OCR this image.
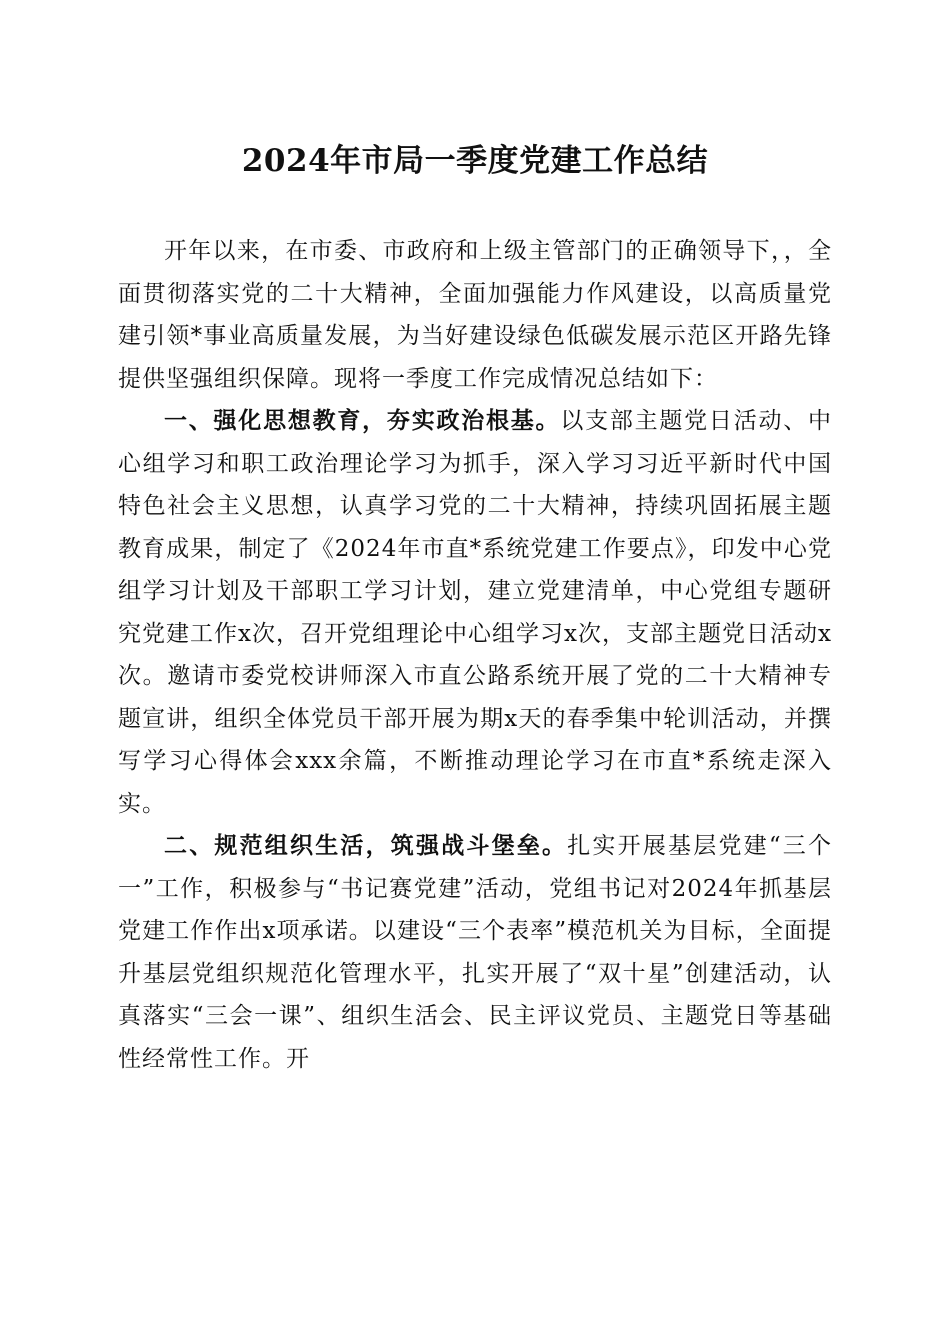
2024年市局一季度党建工作总结

开年以来，在市委、市政府和上级主管部门的正确领导下，，全面贯彻落实党的二十大精神，全面加强能力作风建设，以高质量党建引领*事业高质量发展，为当好建设绿色低碳发展示范区开路先锋提供坚强组织保障。现将一季度工作完成情况总结如下：

一、强化思想教育，夯实政治根基。以支部主题党日活动、中心组学习和职工政治理论学习为抓手，深入学习习近平新时代中国特色社会主义思想，认真学习党的二十大精神，持续巩固拓展主题教育成果，制定了《2024年市直*系统党建工作要点》，印发中心党组学习计划及干部职工学习计划，建立党建清单，中心党组专题研究党建工作x次，召开党组理论中心组学习x次，支部主题党日活动x次。邀请市委党校讲师深入市直公路系统开展了党的二十大精神专题宣讲，组织全体党员干部开展为期x天的春季集中轮训活动，并撰写学习心得体会xxx余篇，不断推动理论学习在市直*系统走深入实。

二、规范组织生活，筑强战斗堡垒。扎实开展基层党建“三个一”工作，积极参与“书记赛党建”活动，党组书记对2024年抓基层党建工作作出x项承诺。以建设“三个表率”模范机关为目标，全面提升基层党组织规范化管理水平，扎实开展了“双十星”创建活动，认真落实“三会一课”、组织生活会、民主评议党员、主题党日等基础性经常性工作。开
